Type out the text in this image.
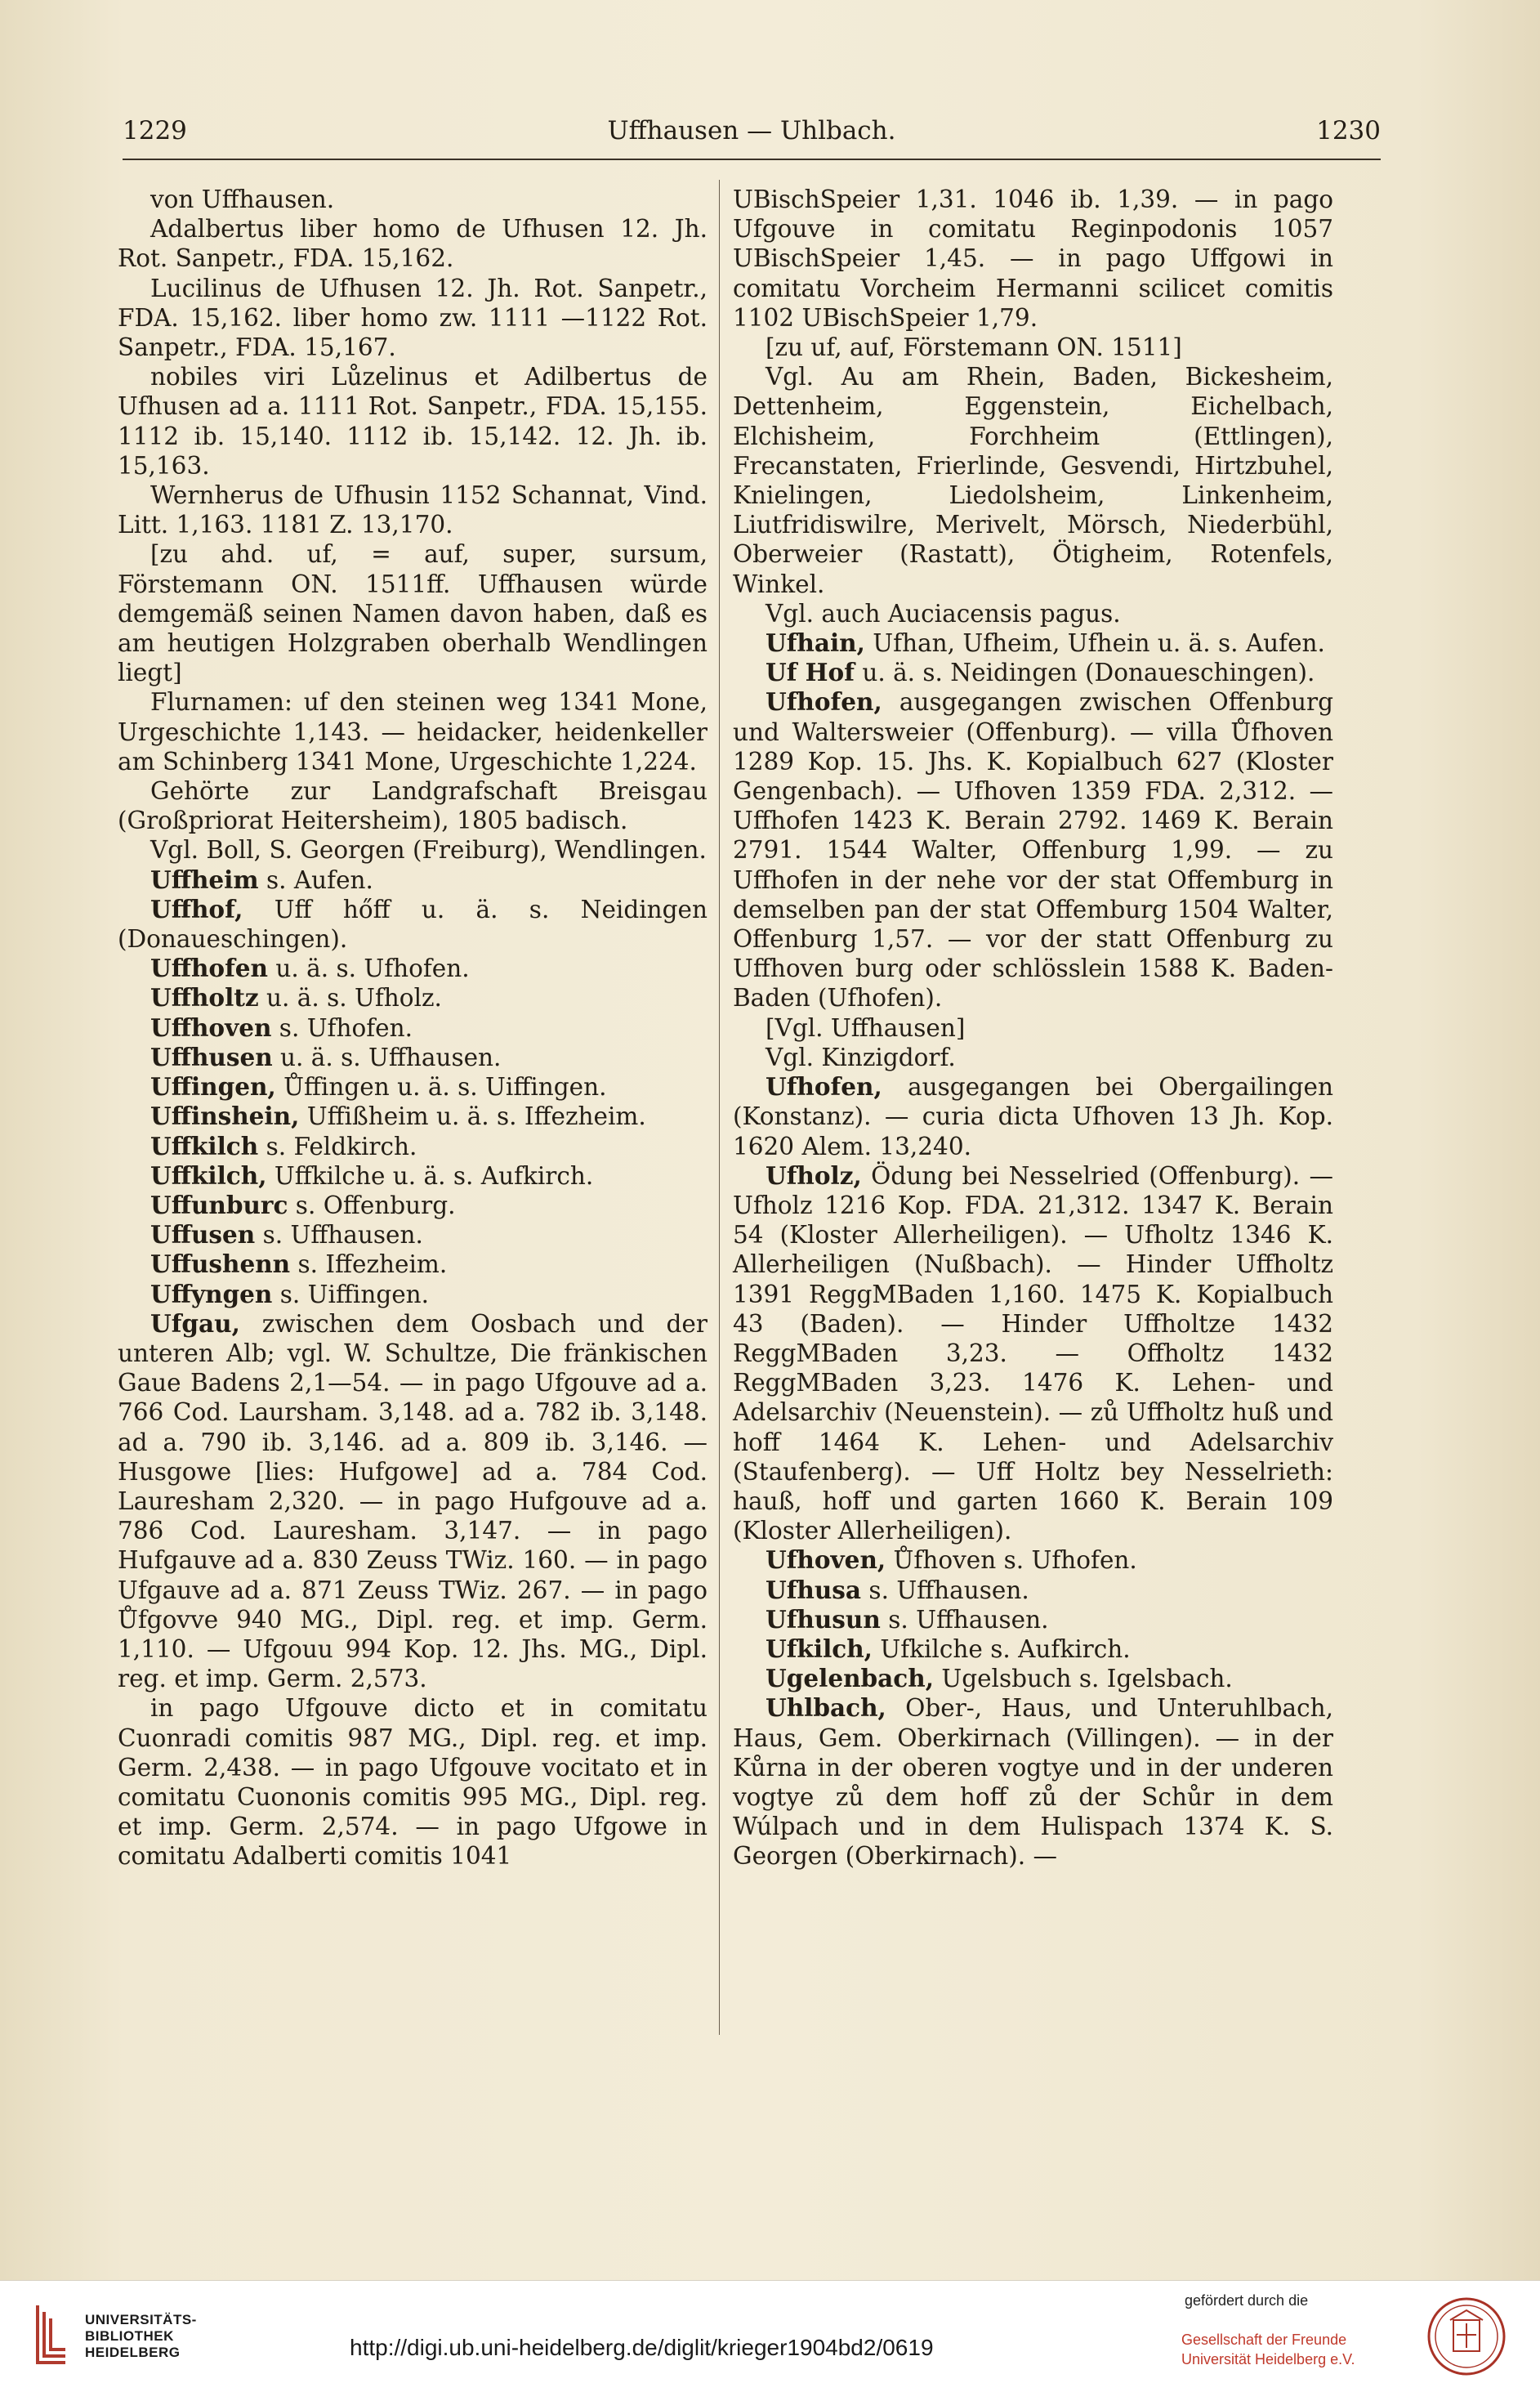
1229	Uffhausen — Uhlbach.	1230

von Uffhausen.

Adalbertus liber homo de Ufhusen 12. Jh. Rot. Sanpetr., FDA. 15,162.

Lucilinus de Ufhusen 12. Jh. Rot. Sanpetr., FDA. 15,162. liber homo zw. 1111 —1122 Rot. Sanpetr., FDA. 15,167.

nobiles viri Lůzelinus et Adilbertus de Ufhusen ad a. 1111 Rot. Sanpetr., FDA. 15,155. 1112 ib. 15,140. 1112 ib. 15,142. 12. Jh. ib. 15,163.

Wernherus de Ufhusin 1152 Schannat, Vind. Litt. 1,163. 1181 Z. 13,170.

[zu ahd. uf, = auf, super, sursum, Förstemann ON. 1511ff. Uffhausen würde demgemäß seinen Namen davon haben, daß es am heutigen Holzgraben oberhalb Wendlingen liegt]

Flurnamen: uf den steinen weg 1341 Mone, Urgeschichte 1,143. — heidacker, heidenkeller am Schinberg 1341 Mone, Urgeschichte 1,224.

Gehörte zur Landgrafschaft Breisgau (Großpriorat Heitersheim), 1805 badisch.

Vgl. Boll, S. Georgen (Freiburg), Wendlingen.

Uffheim s. Aufen.

Uffhof, Uff hőff u. ä. s. Neidingen (Donaueschingen).

Uffhofen u. ä. s. Ufhofen.

Uffholtz u. ä. s. Ufholz.

Uffhoven s. Ufhofen.

Uffhusen u. ä. s. Uffhausen.

Uffingen, Ůffingen u. ä. s. Uiffingen.

Uffinshein, Uffißheim u. ä. s. Iffezheim.

Uffkilch s. Feldkirch.

Uffkilch, Uffkilche u. ä. s. Aufkirch.

Uffunburc s. Offenburg.

Uffusen s. Uffhausen.

Uffushenn s. Iffezheim.

Uffyngen s. Uiffingen.

Ufgau, zwischen dem Oosbach und der unteren Alb; vgl. W. Schultze, Die fränkischen Gaue Badens 2,1—54. — in pago Ufgouve ad a. 766 Cod. Laursham. 3,148. ad a. 782 ib. 3,148. ad a. 790 ib. 3,146. ad a. 809 ib. 3,146. — Husgowe [lies: Hufgowe] ad a. 784 Cod. Lauresham 2,320. — in pago Hufgouve ad a. 786 Cod. Lauresham. 3,147. — in pago Hufgauve ad a. 830 Zeuss TWiz. 160. — in pago Ufgauve ad a. 871 Zeuss TWiz. 267. — in pago Ůfgovve 940 MG., Dipl. reg. et imp. Germ. 1,110. — Ufgouu 994 Kop. 12. Jhs. MG., Dipl. reg. et imp. Germ. 2,573.

in pago Ufgouve dicto et in comitatu Cuonradi comitis 987 MG., Dipl. reg. et imp. Germ. 2,438. — in pago Ufgouve vocitato et in comitatu Cuononis comitis 995 MG., Dipl. reg. et imp. Germ. 2,574. — in pago Ufgowe in comitatu Adalberti comitis 1041

UBischSpeier 1,31. 1046 ib. 1,39. — in pago Ufgouve in comitatu Reginpodonis 1057 UBischSpeier 1,45. — in pago Uffgowi in comitatu Vorcheim Hermanni scilicet comitis 1102 UBischSpeier 1,79.

[zu uf, auf, Förstemann ON. 1511]

Vgl. Au am Rhein, Baden, Bickesheim, Dettenheim, Eggenstein, Eichelbach, Elchisheim, Forchheim (Ettlingen), Frecanstaten, Frierlinde, Gesvendi, Hirtzbuhel, Knielingen, Liedolsheim, Linkenheim, Liutfridiswilre, Merivelt, Mörsch, Niederbühl, Oberweier (Rastatt), Ötigheim, Rotenfels, Winkel.

Vgl. auch Auciacensis pagus.

Ufhain, Ufhan, Ufheim, Ufhein u. ä. s. Aufen.

Uf Hof u. ä. s. Neidingen (Donaueschingen).

Ufhofen, ausgegangen zwischen Offenburg und Waltersweier (Offenburg). — villa Ůfhoven 1289 Kop. 15. Jhs. K. Kopialbuch 627 (Kloster Gengenbach). — Ufhoven 1359 FDA. 2,312. — Uffhofen 1423 K. Berain 2792. 1469 K. Berain 2791. 1544 Walter, Offenburg 1,99. — zu Uffhofen in der nehe vor der stat Offemburg in demselben pan der stat Offemburg 1504 Walter, Offenburg 1,57. — vor der statt Offenburg zu Uffhoven burg oder schlösslein 1588 K. Baden-Baden (Ufhofen).

[Vgl. Uffhausen]

Vgl. Kinzigdorf.

Ufhofen, ausgegangen bei Obergailingen (Konstanz). — curia dicta Ufhoven 13 Jh. Kop. 1620 Alem. 13,240.

Ufholz, Ödung bei Nesselried (Offenburg). — Ufholz 1216 Kop. FDA. 21,312. 1347 K. Berain 54 (Kloster Allerheiligen). — Ufholtz 1346 K. Allerheiligen (Nußbach). — Hinder Uffholtz 1391 ReggMBaden 1,160. 1475 K. Kopialbuch 43 (Baden). — Hinder Uffholtze 1432 ReggMBaden 3,23. — Offholtz 1432 ReggMBaden 3,23. 1476 K. Lehen- und Adelsarchiv (Neuenstein). — zů Uffholtz huß und hoff 1464 K. Lehen- und Adelsarchiv (Staufenberg). — Uff Holtz bey Nesselrieth: hauß, hoff und garten 1660 K. Berain 109 (Kloster Allerheiligen).

Ufhoven, Ůfhoven s. Ufhofen.

Ufhusa s. Uffhausen.

Ufhusun s. Uffhausen.

Ufkilch, Ufkilche s. Aufkirch.

Ugelenbach, Ugelsbuch s. Igelsbach.

Uhlbach, Ober-, Haus, und Unteruhlbach, Haus, Gem. Oberkirnach (Villingen). — in der Kůrna in der oberen vogtye und in der underen vogtye zů dem hoff zů der Schůr in dem Wúlpach und in dem Hulispach 1374 K. S. Georgen (Oberkirnach). —

UNIVERSITÄTS-
BIBLIOTHEK
HEIDELBERG	http://digi.ub.uni-heidelberg.de/diglit/krieger1904bd2/0619
gefördert durch die
Gesellschaft der Freunde
Universität Heidelberg e.V.
